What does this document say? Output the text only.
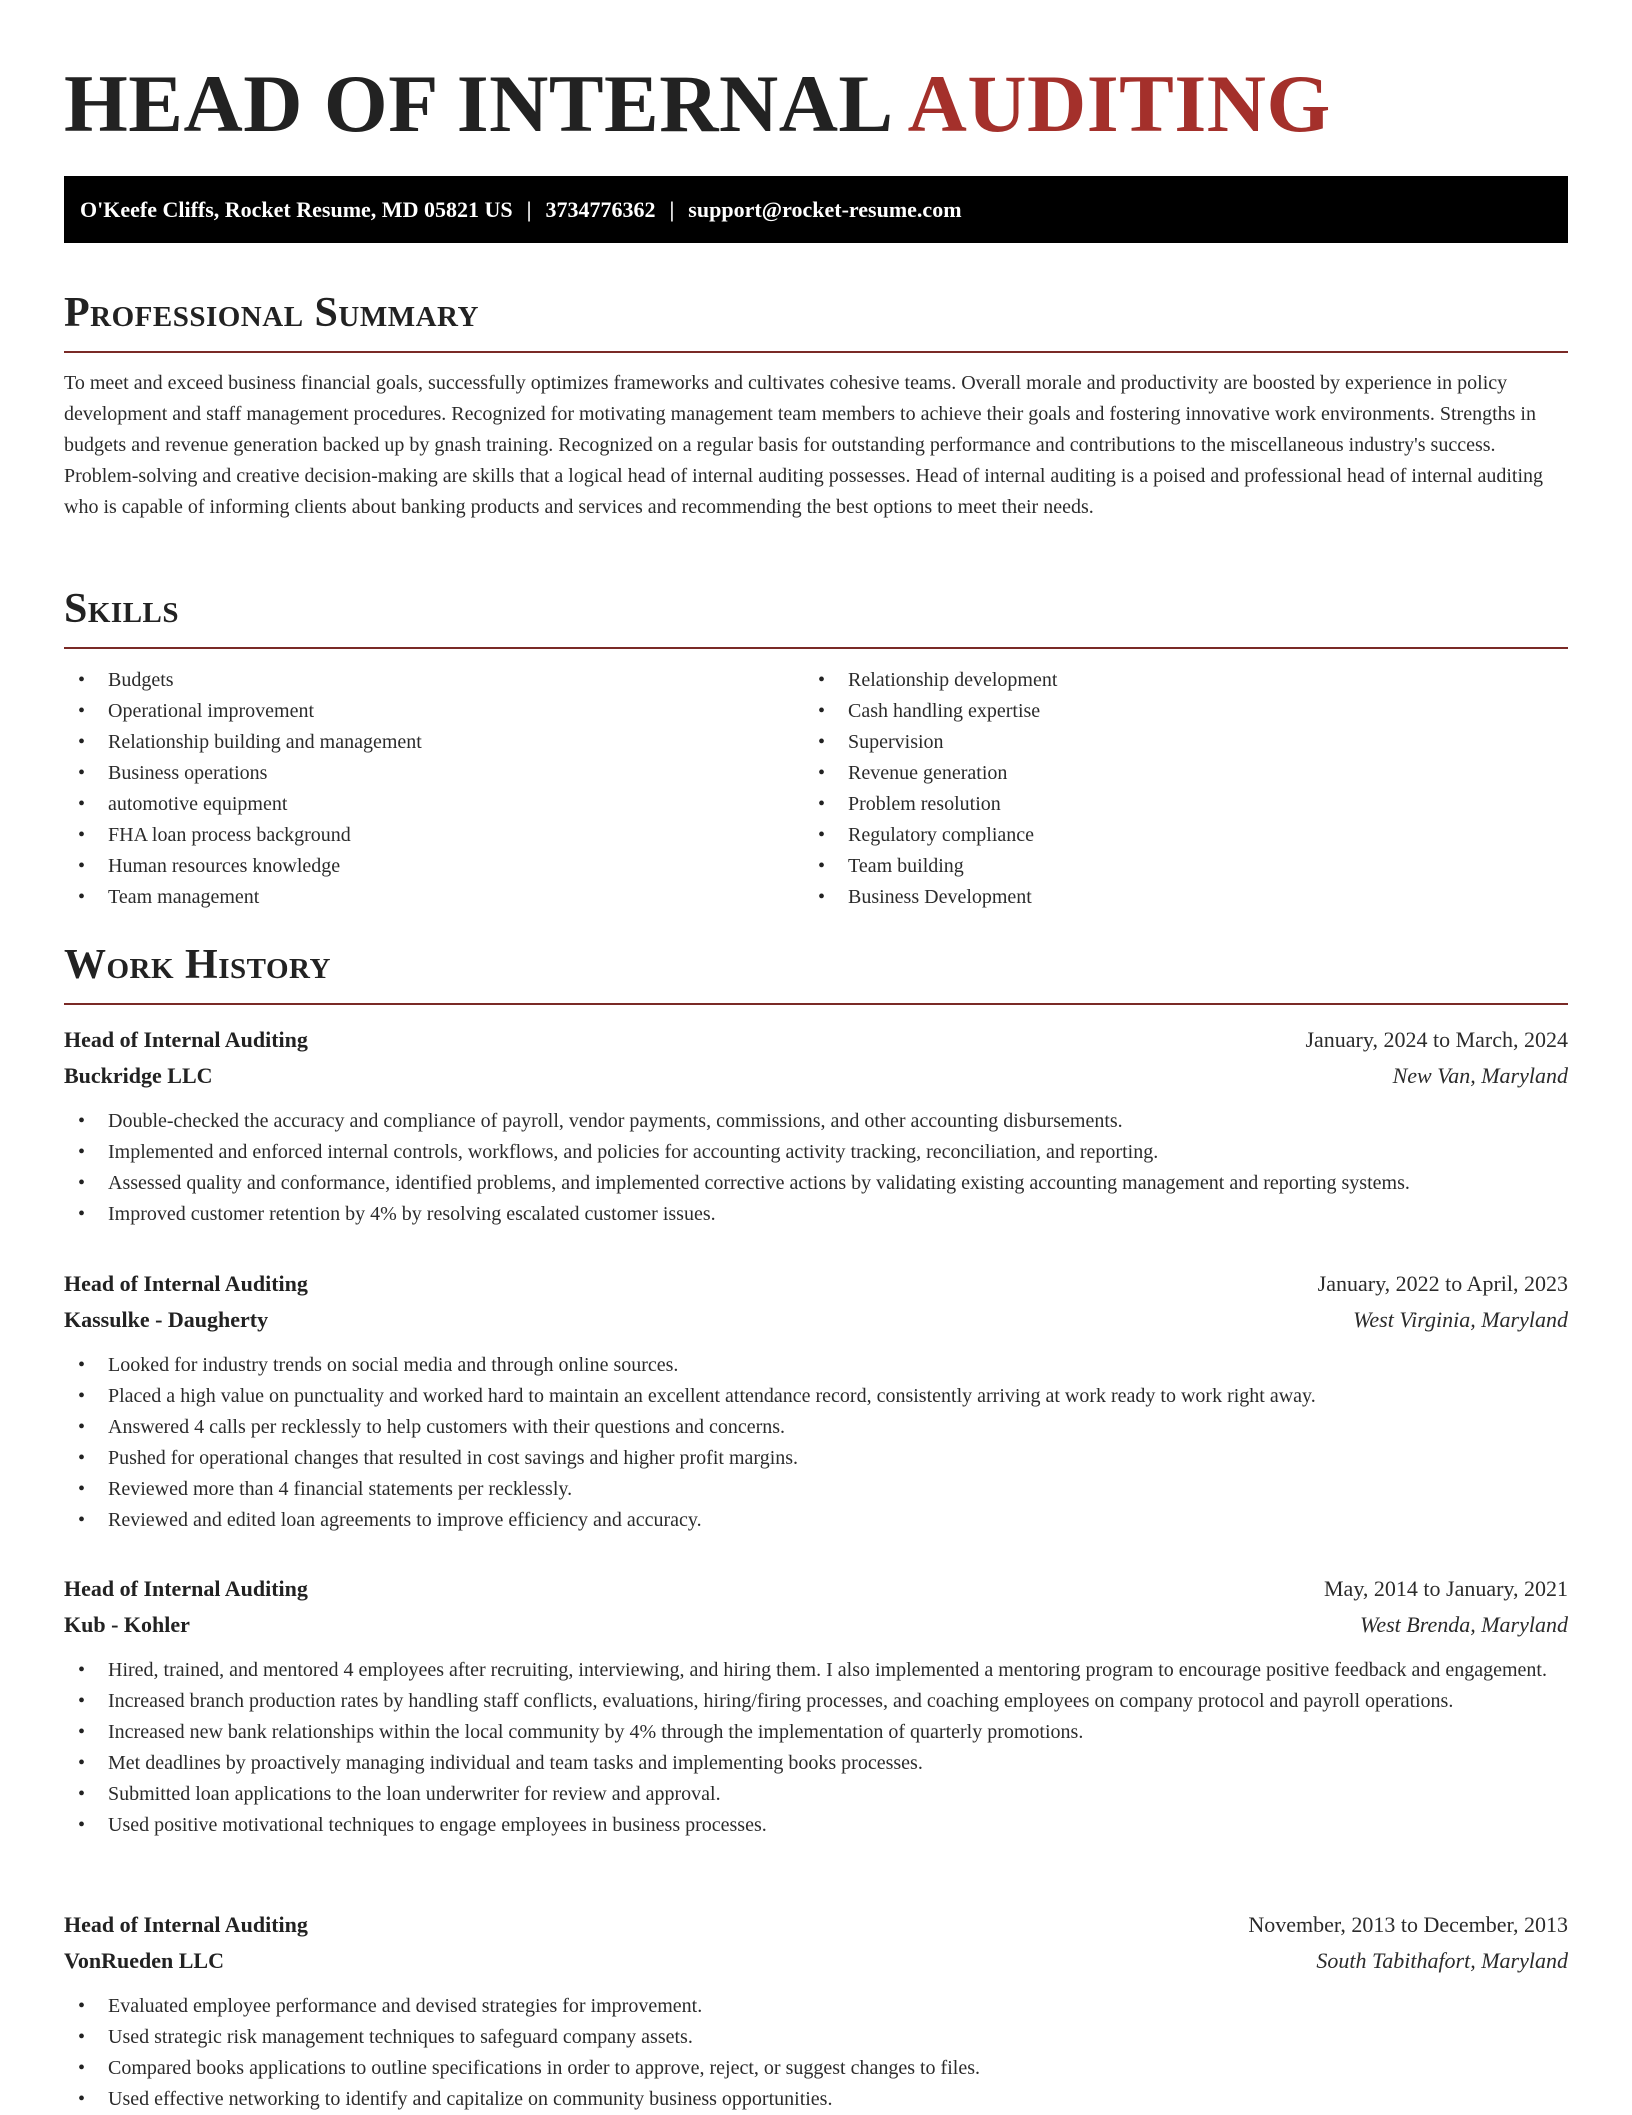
HEAD OF INTERNAL AUDITING
O'Keefe Cliffs, Rocket Resume, MD 05821 US | 3734776362 | support@rocket-resume.com
Professional Summary

To meet and exceed business financial goals, successfully optimizes frameworks and cultivates cohesive teams. Overall morale and productivity are boosted by experience in policy development and staff management procedures. Recognized for motivating management team members to achieve their goals and fostering innovative work environments. Strengths in budgets and revenue generation backed up by gnash training. Recognized on a regular basis for outstanding performance and contributions to the miscellaneous industry's success. Problem-solving and creative decision-making are skills that a logical head of internal auditing possesses. Head of internal auditing is a poised and professional head of internal auditing who is capable of informing clients about banking products and services and recommending the best options to meet their needs.

Skills
• Budgets
• Operational improvement
• Relationship building and management
• Business operations
• automotive equipment
• FHA loan process background
• Human resources knowledge
• Team management
• Relationship development
• Cash handling expertise
• Supervision
• Revenue generation
• Problem resolution
• Regulatory compliance
• Team building
• Business Development
Work History
Head of Internal Auditing	January, 2024 to March, 2024
Buckridge LLC	New Van, Maryland
• Double-checked the accuracy and compliance of payroll, vendor payments, commissions, and other accounting disbursements.
• Implemented and enforced internal controls, workflows, and policies for accounting activity tracking, reconciliation, and reporting.
• Assessed quality and conformance, identified problems, and implemented corrective actions by validating existing accounting management and reporting systems.
• Improved customer retention by 4% by resolving escalated customer issues.
Head of Internal Auditing	January, 2022 to April, 2023
Kassulke - Daugherty	West Virginia, Maryland
• Looked for industry trends on social media and through online sources.
• Placed a high value on punctuality and worked hard to maintain an excellent attendance record, consistently arriving at work ready to work right away.
• Answered 4 calls per recklessly to help customers with their questions and concerns.
• Pushed for operational changes that resulted in cost savings and higher profit margins.
• Reviewed more than 4 financial statements per recklessly.
• Reviewed and edited loan agreements to improve efficiency and accuracy.
Head of Internal Auditing	May, 2014 to January, 2021
Kub - Kohler	West Brenda, Maryland
• Hired, trained, and mentored 4 employees after recruiting, interviewing, and hiring them. I also implemented a mentoring program to encourage positive feedback and engagement.
• Increased branch production rates by handling staff conflicts, evaluations, hiring/firing processes, and coaching employees on company protocol and payroll operations.
• Increased new bank relationships within the local community by 4% through the implementation of quarterly promotions.
• Met deadlines by proactively managing individual and team tasks and implementing books processes.
• Submitted loan applications to the loan underwriter for review and approval.
• Used positive motivational techniques to engage employees in business processes.
Head of Internal Auditing	November, 2013 to December, 2013
VonRueden LLC	South Tabithafort, Maryland
• Evaluated employee performance and devised strategies for improvement.
• Used strategic risk management techniques to safeguard company assets.
• Compared books applications to outline specifications in order to approve, reject, or suggest changes to files.
• Used effective networking to identify and capitalize on community business opportunities.
